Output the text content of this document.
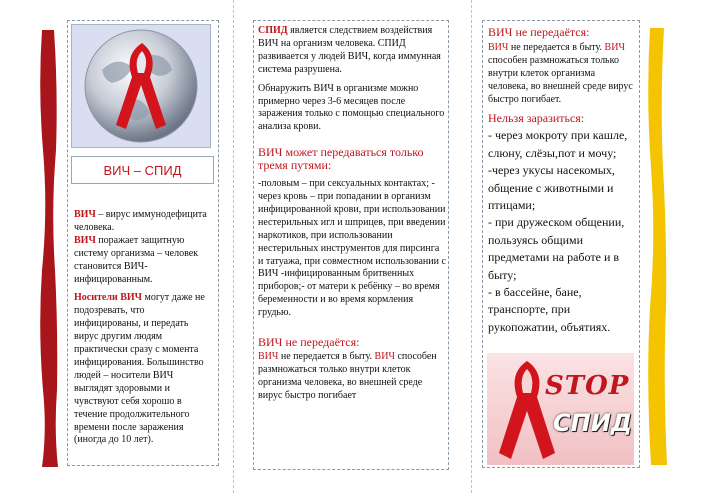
ВИЧ – СПИД

ВИЧ – вирус иммунодефицита человека.
ВИЧ поражает защитную систему организма – человек становится ВИЧ-инфицированным.

Носители ВИЧ могут даже не подозревать, что инфицированы, и передать вирус другим людям практически сразу с момента инфицирования. Большинство людей – носители ВИЧ выглядят здоровыми и чувствуют себя хорошо в течение продолжительного времени после заражения (иногда до 10 лет).

СПИД является следствием воздействия ВИЧ на организм человека. СПИД развивается у людей ВИЧ, когда иммунная система разрушена.

Обнаружить ВИЧ в организме можно примерно через 3-6 месяцев после заражения только с помощью специального анализа крови.

ВИЧ может передаваться только тремя путями:

-половым – при сексуальных контактах; - через кровь – при попадании в организм инфицированной крови, при использовании нестерильных игл и шприцев, при введении наркотиков, при использовании нестерильных инструментов для пирсинга и татуажа, при совместном использовании с ВИЧ -инфицированным бритвенных приборов;- от матери к ребёнку – во время беременности и во время кормления грудью.

ВИЧ не передаётся:

ВИЧ не передается в быту. ВИЧ способен размножаться только внутри клеток организма человека, во внешней среде вирус быстро погибает

ВИЧ не передаётся:

ВИЧ не передается в быту. ВИЧ способен размножаться только внутри клеток организма человека, во внешней среде вирус быстро погибает.

Нельзя заразиться:

- через мокроту при кашле, слюну, слёзы,пот и мочу;
-через укусы насекомых, общение с животными и птицами;
- при дружеском общении, пользуясь общими предметами на работе и в быту;
- в бассейне, бане, транспорте, при рукопожатии, объятиях.
STOP
СПИД
